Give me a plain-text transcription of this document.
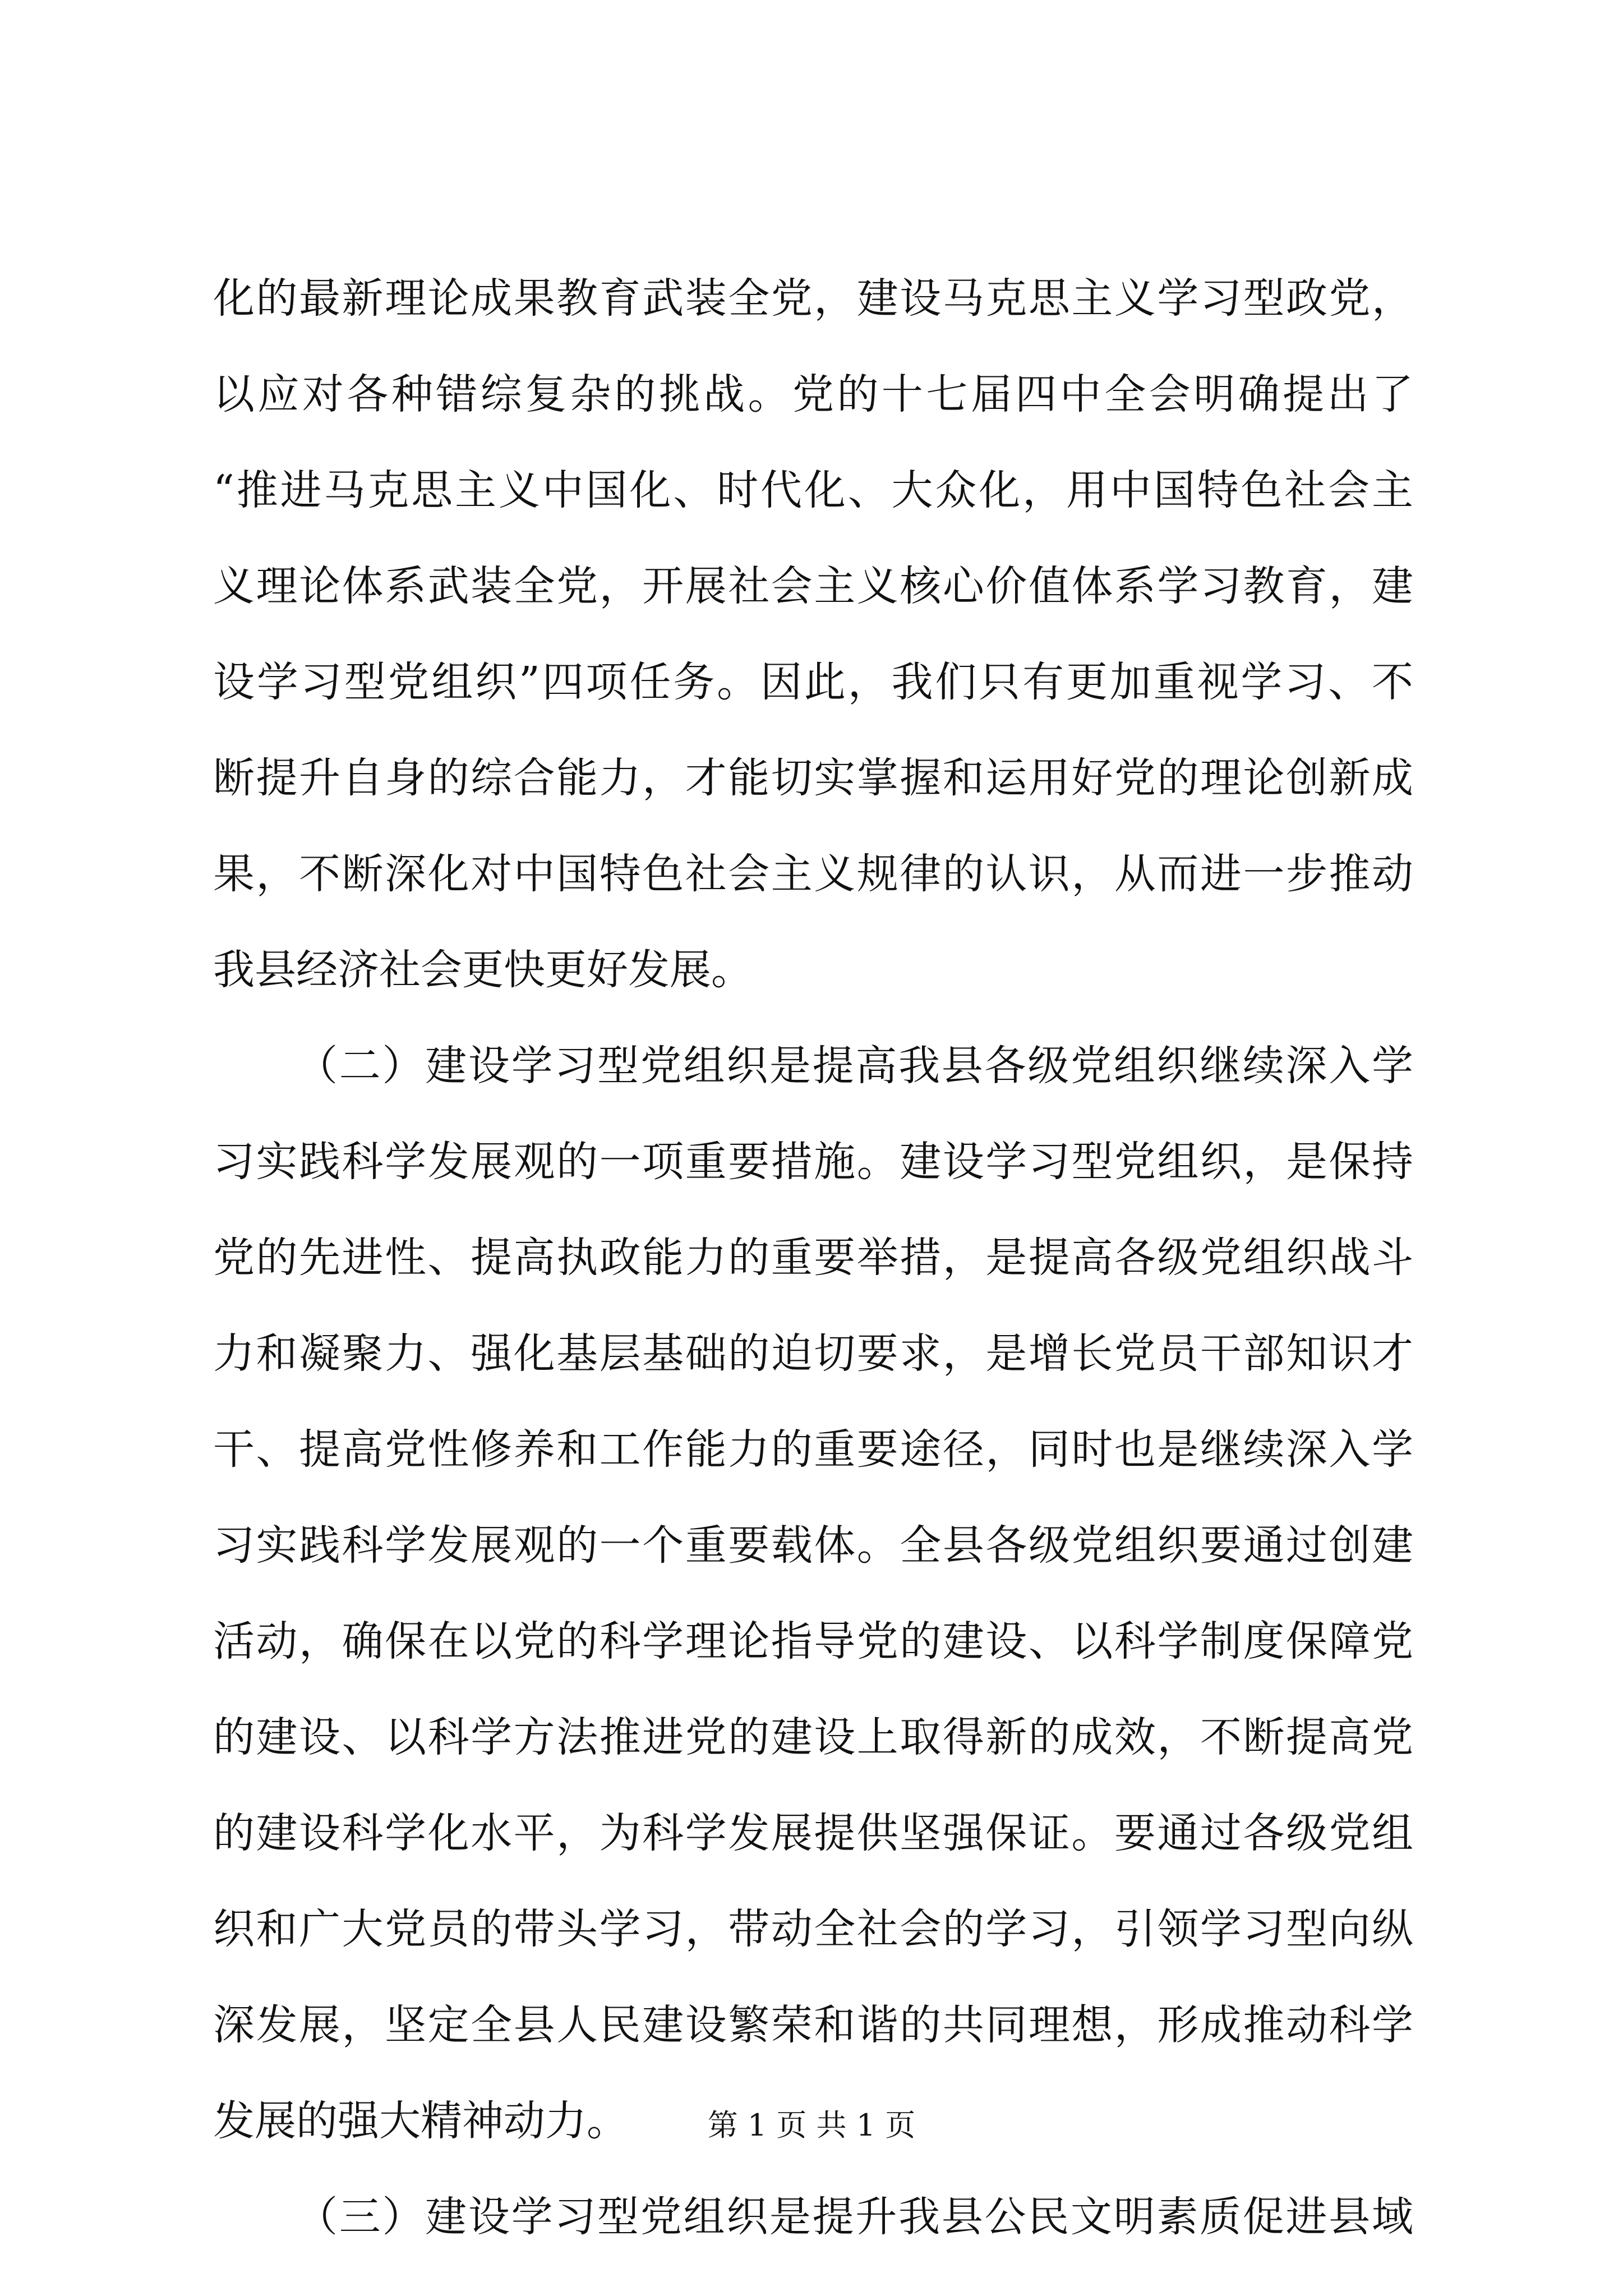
化的最新理论成果教育武装全党，建设马克思主义学习型政党，
以应对各种错综复杂的挑战。党的十七届四中全会明确提出了
“推进马克思主义中国化、时代化、大众化，用中国特色社会主
义理论体系武装全党，开展社会主义核心价值体系学习教育，建
设学习型党组织”四项任务。因此，我们只有更加重视学习、不
断提升自身的综合能力，才能切实掌握和运用好党的理论创新成
果，不断深化对中国特色社会主义规律的认识，从而进一步推动
我县经济社会更快更好发展。
（二）建设学习型党组织是提高我县各级党组织继续深入学
习实践科学发展观的一项重要措施。建设学习型党组织，是保持
党的先进性、提高执政能力的重要举措，是提高各级党组织战斗
力和凝聚力、强化基层基础的迫切要求，是增长党员干部知识才
干、提高党性修养和工作能力的重要途径，同时也是继续深入学
习实践科学发展观的一个重要载体。全县各级党组织要通过创建
活动，确保在以党的科学理论指导党的建设、以科学制度保障党
的建设、以科学方法推进党的建设上取得新的成效，不断提高党
的建设科学化水平，为科学发展提供坚强保证。要通过各级党组
织和广大党员的带头学习，带动全社会的学习，引领学习型向纵
深发展，坚定全县人民建设繁荣和谐的共同理想，形成推动科学
发展的强大精神动力。
（三）建设学习型党组织是提升我县公民文明素质促进县域
第 1 页 共 1 页
